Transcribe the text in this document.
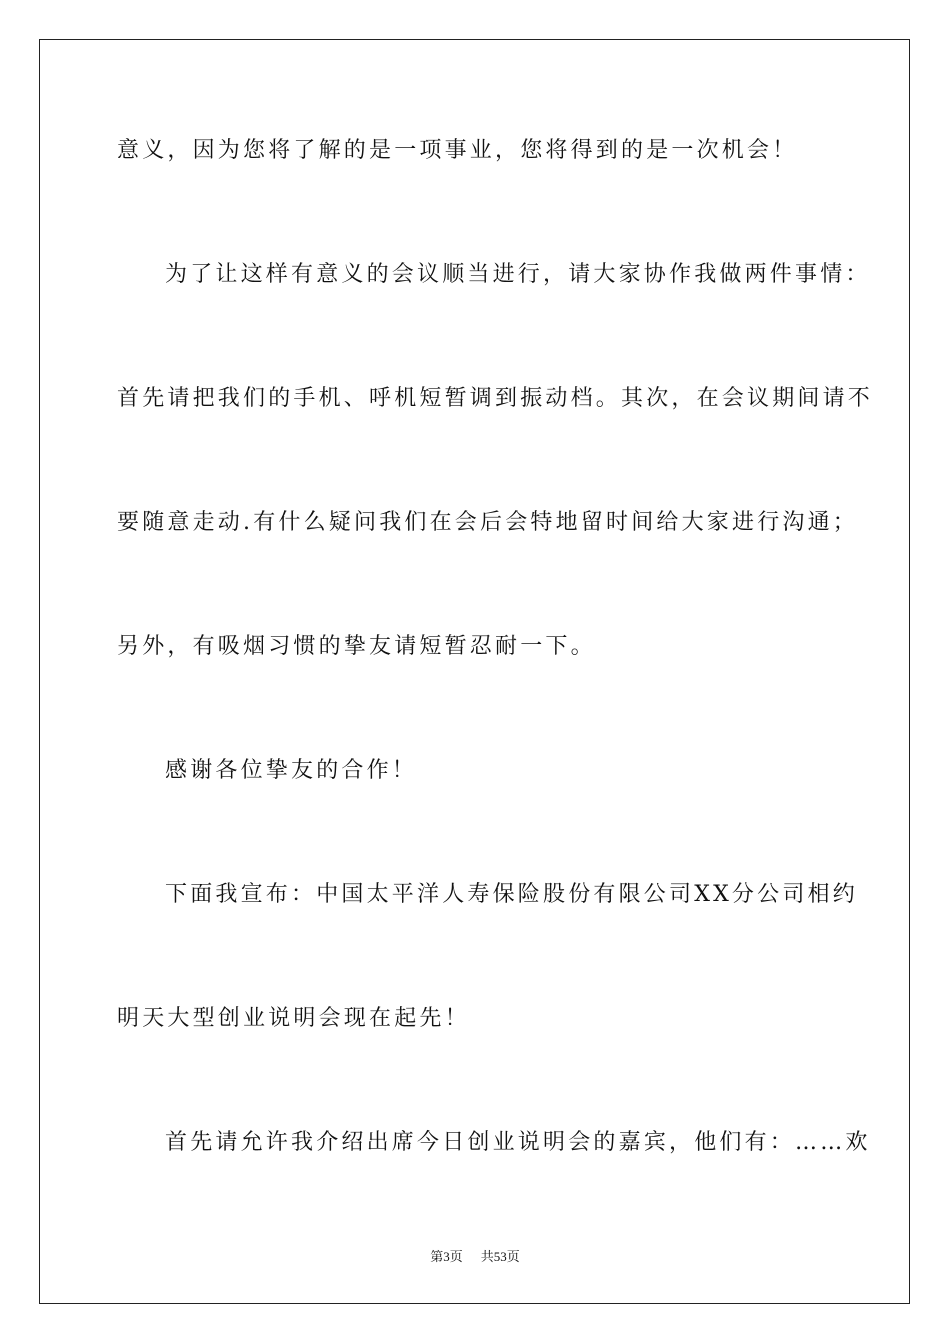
意义，因为您将了解的是一项事业，您将得到的是一次机会！
为了让这样有意义的会议顺当进行，请大家协作我做两件事情：
首先请把我们的手机、呼机短暂调到振动档。其次，在会议期间请不
要随意走动.有什么疑问我们在会后会特地留时间给大家进行沟通；
另外，有吸烟习惯的挚友请短暂忍耐一下。
感谢各位挚友的合作！
下面我宣布：中国太平洋人寿保险股份有限公司XX分公司相约
明天大型创业说明会现在起先！
首先请允许我介绍出席今日创业说明会的嘉宾，他们有：……欢
第3页 共53页
